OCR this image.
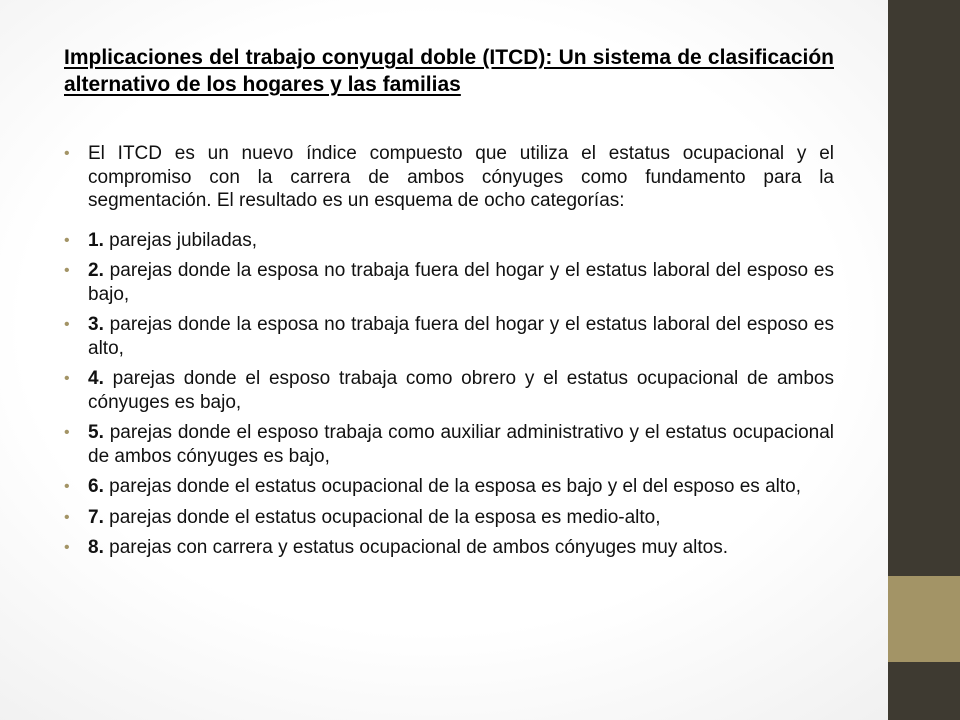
Implicaciones del trabajo conyugal doble (ITCD): Un sistema de clasificación alternativo de los hogares y las familias
• El ITCD es un nuevo índice compuesto que utiliza el estatus ocupacional y el compromiso con la carrera de ambos cónyuges como fundamento para la segmentación. El resultado es un esquema de ocho categorías:
• 1. parejas jubiladas,
• 2. parejas donde la esposa no trabaja fuera del hogar y el estatus laboral del esposo es bajo,
• 3. parejas donde la esposa no trabaja fuera del hogar y el estatus laboral del esposo es alto,
• 4. parejas donde el esposo trabaja como obrero y el estatus ocupacional de ambos cónyuges es bajo,
• 5. parejas donde el esposo trabaja como auxiliar administrativo y el estatus ocupacional de ambos cónyuges es bajo,
• 6. parejas donde el estatus ocupacional de la esposa es bajo y el del esposo es alto,
• 7. parejas donde el estatus ocupacional de la esposa es medio-alto,
• 8. parejas con carrera y estatus ocupacional de ambos cónyuges muy altos.
